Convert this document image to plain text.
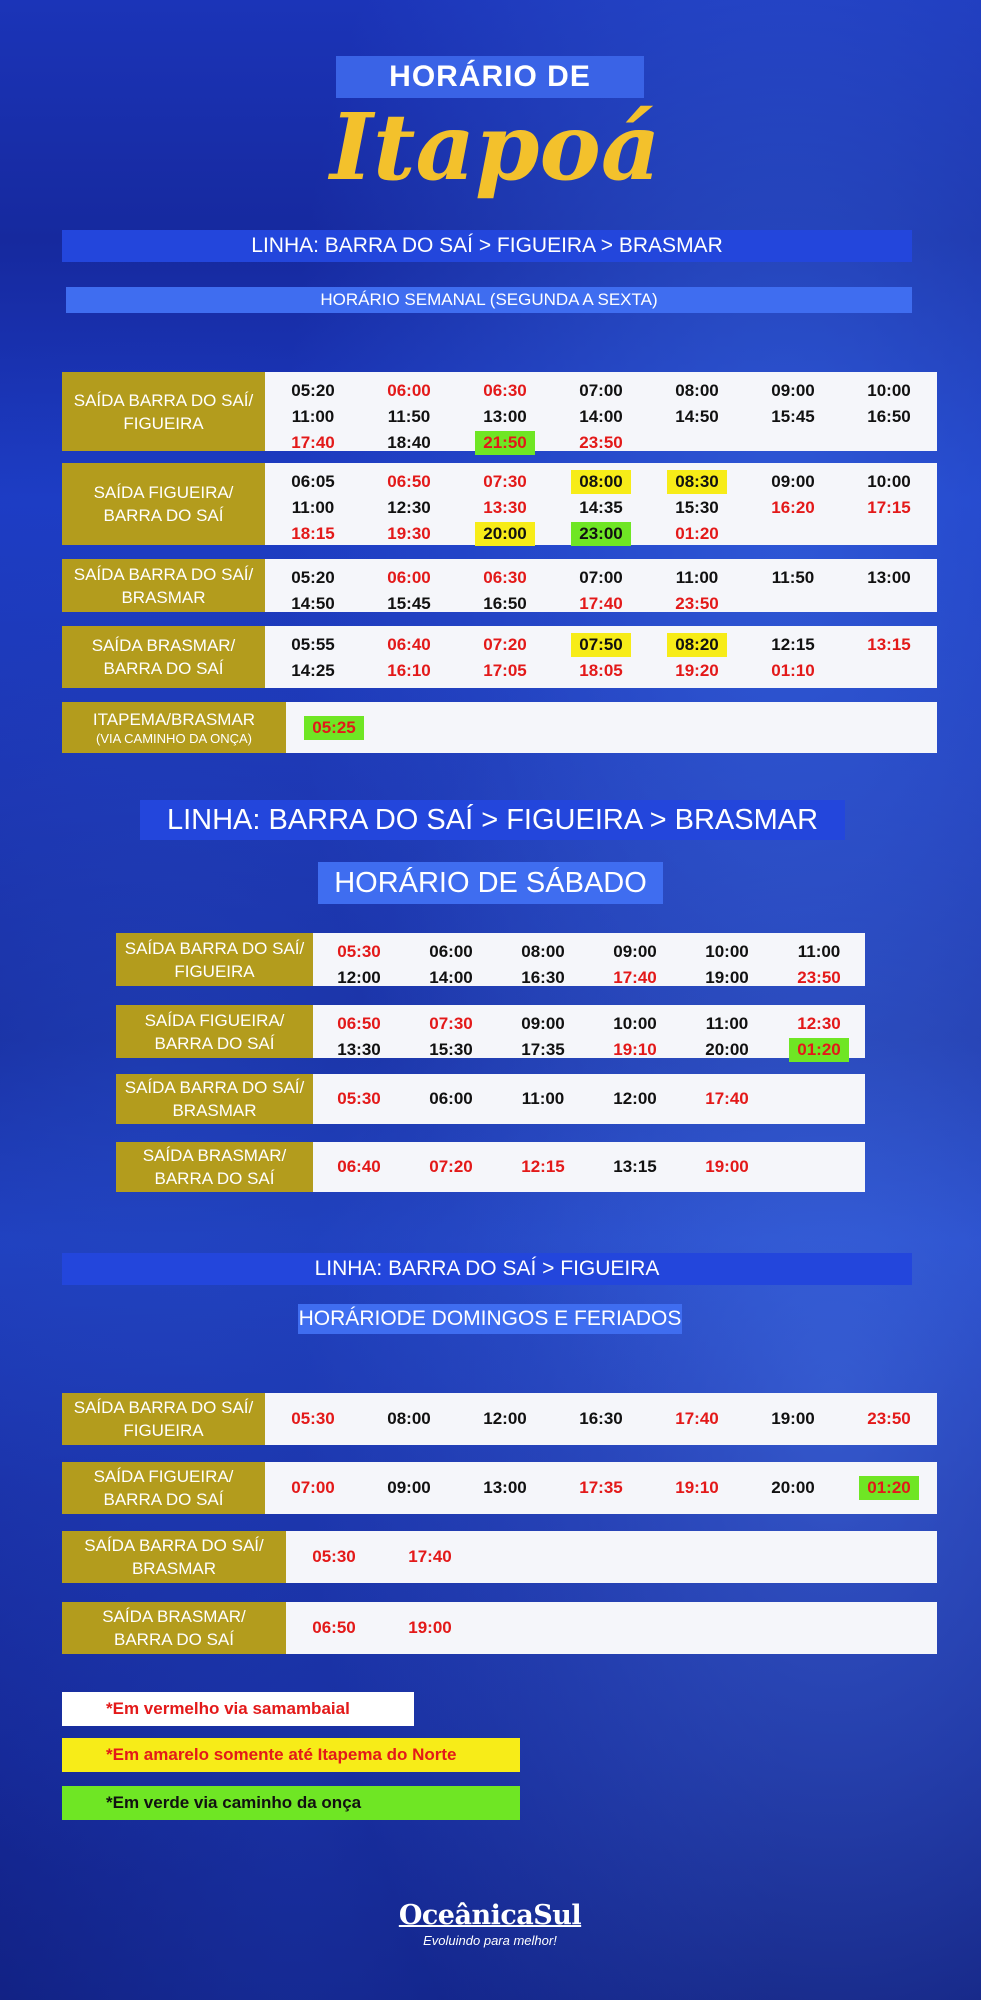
HORÁRIO DE
Itapoá
LINHA: BARRA DO SAÍ > FIGUEIRA > BRASMAR
HORÁRIO SEMANAL (SEGUNDA A SEXTA)
SAÍDA BARRA DO SAÍ/
FIGUEIRA
05:20	06:00	06:30	07:00	08:00	09:00	10:00
11:00	11:50	13:00	14:00	14:50	15:45	16:50
17:40	18:40	21:50	23:50
SAÍDA FIGUEIRA/
BARRA DO SAÍ
06:05	06:50	07:30	08:00	08:30	09:00	10:00
11:00	12:30	13:30	14:35	15:30	16:20	17:15
18:15	19:30	20:00	23:00	01:20
SAÍDA BARRA DO SAÍ/
BRASMAR
05:20	06:00	06:30	07:00	11:00	11:50	13:00
14:50	15:45	16:50	17:40	23:50
SAÍDA BRASMAR/
BARRA DO SAÍ
05:55	06:40	07:20	07:50	08:20	12:15	13:15
14:25	16:10	17:05	18:05	19:20	01:10
ITAPEMA/BRASMAR
(VIA CAMINHO DA ONÇA)
05:25
LINHA: BARRA DO SAÍ > FIGUEIRA > BRASMAR
HORÁRIO DE SÁBADO
SAÍDA BARRA DO SAÍ/
FIGUEIRA
05:30	06:00	08:00	09:00	10:00	11:00
12:00	14:00	16:30	17:40	19:00	23:50
SAÍDA FIGUEIRA/
BARRA DO SAÍ
06:50	07:30	09:00	10:00	11:00	12:30
13:30	15:30	17:35	19:10	20:00	01:20
SAÍDA BARRA DO SAÍ/
BRASMAR
05:30	06:00	11:00	12:00	17:40
SAÍDA BRASMAR/
BARRA DO SAÍ
06:40	07:20	12:15	13:15	19:00
LINHA: BARRA DO SAÍ > FIGUEIRA
HORÁRIODE DOMINGOS E FERIADOS
SAÍDA BARRA DO SAÍ/
FIGUEIRA
05:30	08:00	12:00	16:30	17:40	19:00	23:50
SAÍDA FIGUEIRA/
BARRA DO SAÍ
07:00	09:00	13:00	17:35	19:10	20:00	01:20
SAÍDA BARRA DO SAÍ/
BRASMAR
05:30	17:40
SAÍDA BRASMAR/
BARRA DO SAÍ
06:50	19:00
*Em vermelho via samambaial
*Em amarelo somente até Itapema do Norte
*Em verde via caminho da onça
OceânicaSul
Evoluindo para melhor!
